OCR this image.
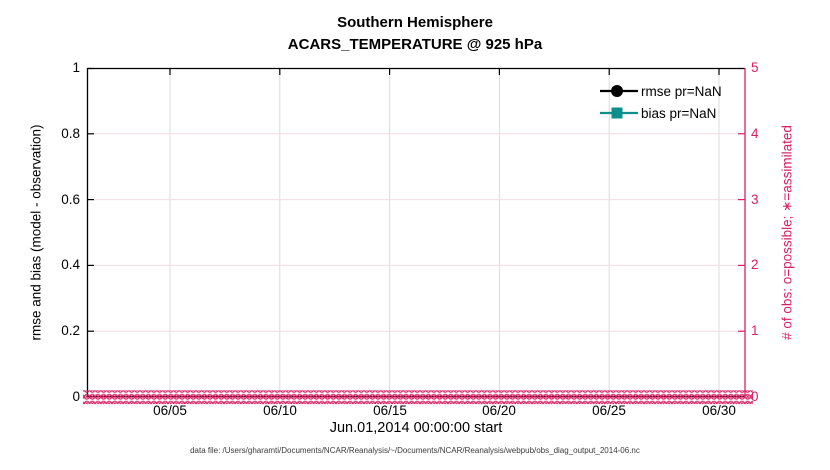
Southern Hemisphere
ACARS_TEMPERATURE @ 925 hPa
0
0.2
0.4
0.6
0.8
1
0
1
2
3
4
5
06/05	06/10	06/15	06/20	06/25	06/30
Jun.01,2014 00:00:00 start
rmse and bias (model - observation)	# of obs: o=possible; ∗=assimilated
rmse pr=NaN
bias pr=NaN
data file: /Users/gharamti/Documents/NCAR/Reanalysis/~/Documents/NCAR/Reanalysis/webpub/obs_diag_output_2014-06.nc
